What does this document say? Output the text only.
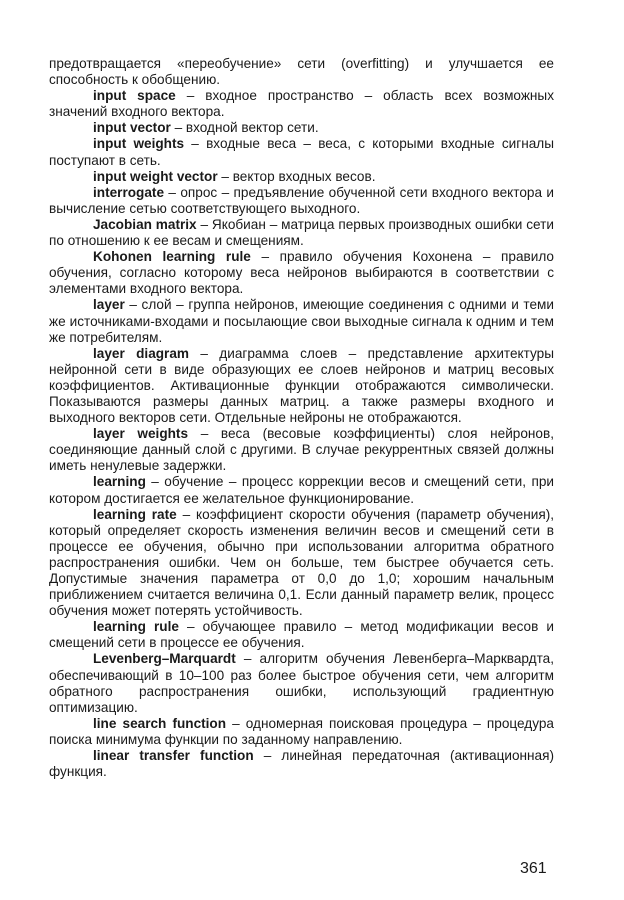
предотвращается «переобучение» сети (overfitting) и улучшается ее способность к обобщению.

input space – входное пространство – область всех возможных значений входного вектора.

input vector – входной вектор сети.

input weights – входные веса – веса, с которыми входные сигналы поступают в сеть.

input weight vector – вектор входных весов.

interrogate – опрос – предъявление обученной сети входного вектора и вычисление сетью соответствующего выходного.

Jacobian matrix – Якобиан – матрица первых производных ошибки сети по отношению к ее весам и смещениям.

Kohonen learning rule – правило обучения Кохонена – правило обучения, согласно которому веса нейронов выбираются в соответствии с элементами входного вектора.

layer – слой – группа нейронов, имеющие соединения с одними и теми же источниками-входами и посылающие свои выходные сигнала к одним и тем же потребителям.

layer diagram – диаграмма слоев – представление архитектуры нейронной сети в виде образующих ее слоев нейронов и матриц весовых коэффициентов. Активационные функции отображаются символически. Показываются размеры данных матриц. а также размеры входного и выходного векторов сети. Отдельные нейроны не отображаются.

layer weights – веса (весовые коэффициенты) слоя нейронов, соединяющие данный слой с другими. В случае рекуррентных связей должны иметь ненулевые задержки.

learning – обучение – процесс коррекции весов и смещений сети, при котором достигается ее желательное функционирование.

learning rate – коэффициент скорости обучения (параметр обучения), который определяет скорость изменения величин весов и смещений сети в процессе ее обучения, обычно при использовании алгоритма обратного распространения ошибки. Чем он больше, тем быстрее обучается сеть. Допустимые значения параметра от 0,0 до 1,0; хорошим начальным приближением считается величина 0,1. Если данный параметр велик, процесс обучения может потерять устойчивость.

learning rule – обучающее правило – метод модификации весов и смещений сети в процессе ее обучения.

Levenberg–Marquardt – алгоритм обучения Левенберга–Марквардта, обеспечивающий в 10–100 раз более быстрое обучения сети, чем алгоритм обратного распространения ошибки, использующий градиентную оптимизацию.

line search function – одномерная поисковая процедура – процедура поиска минимума функции по заданному направлению.

linear transfer function – линейная передаточная (активационная) функция.

361
